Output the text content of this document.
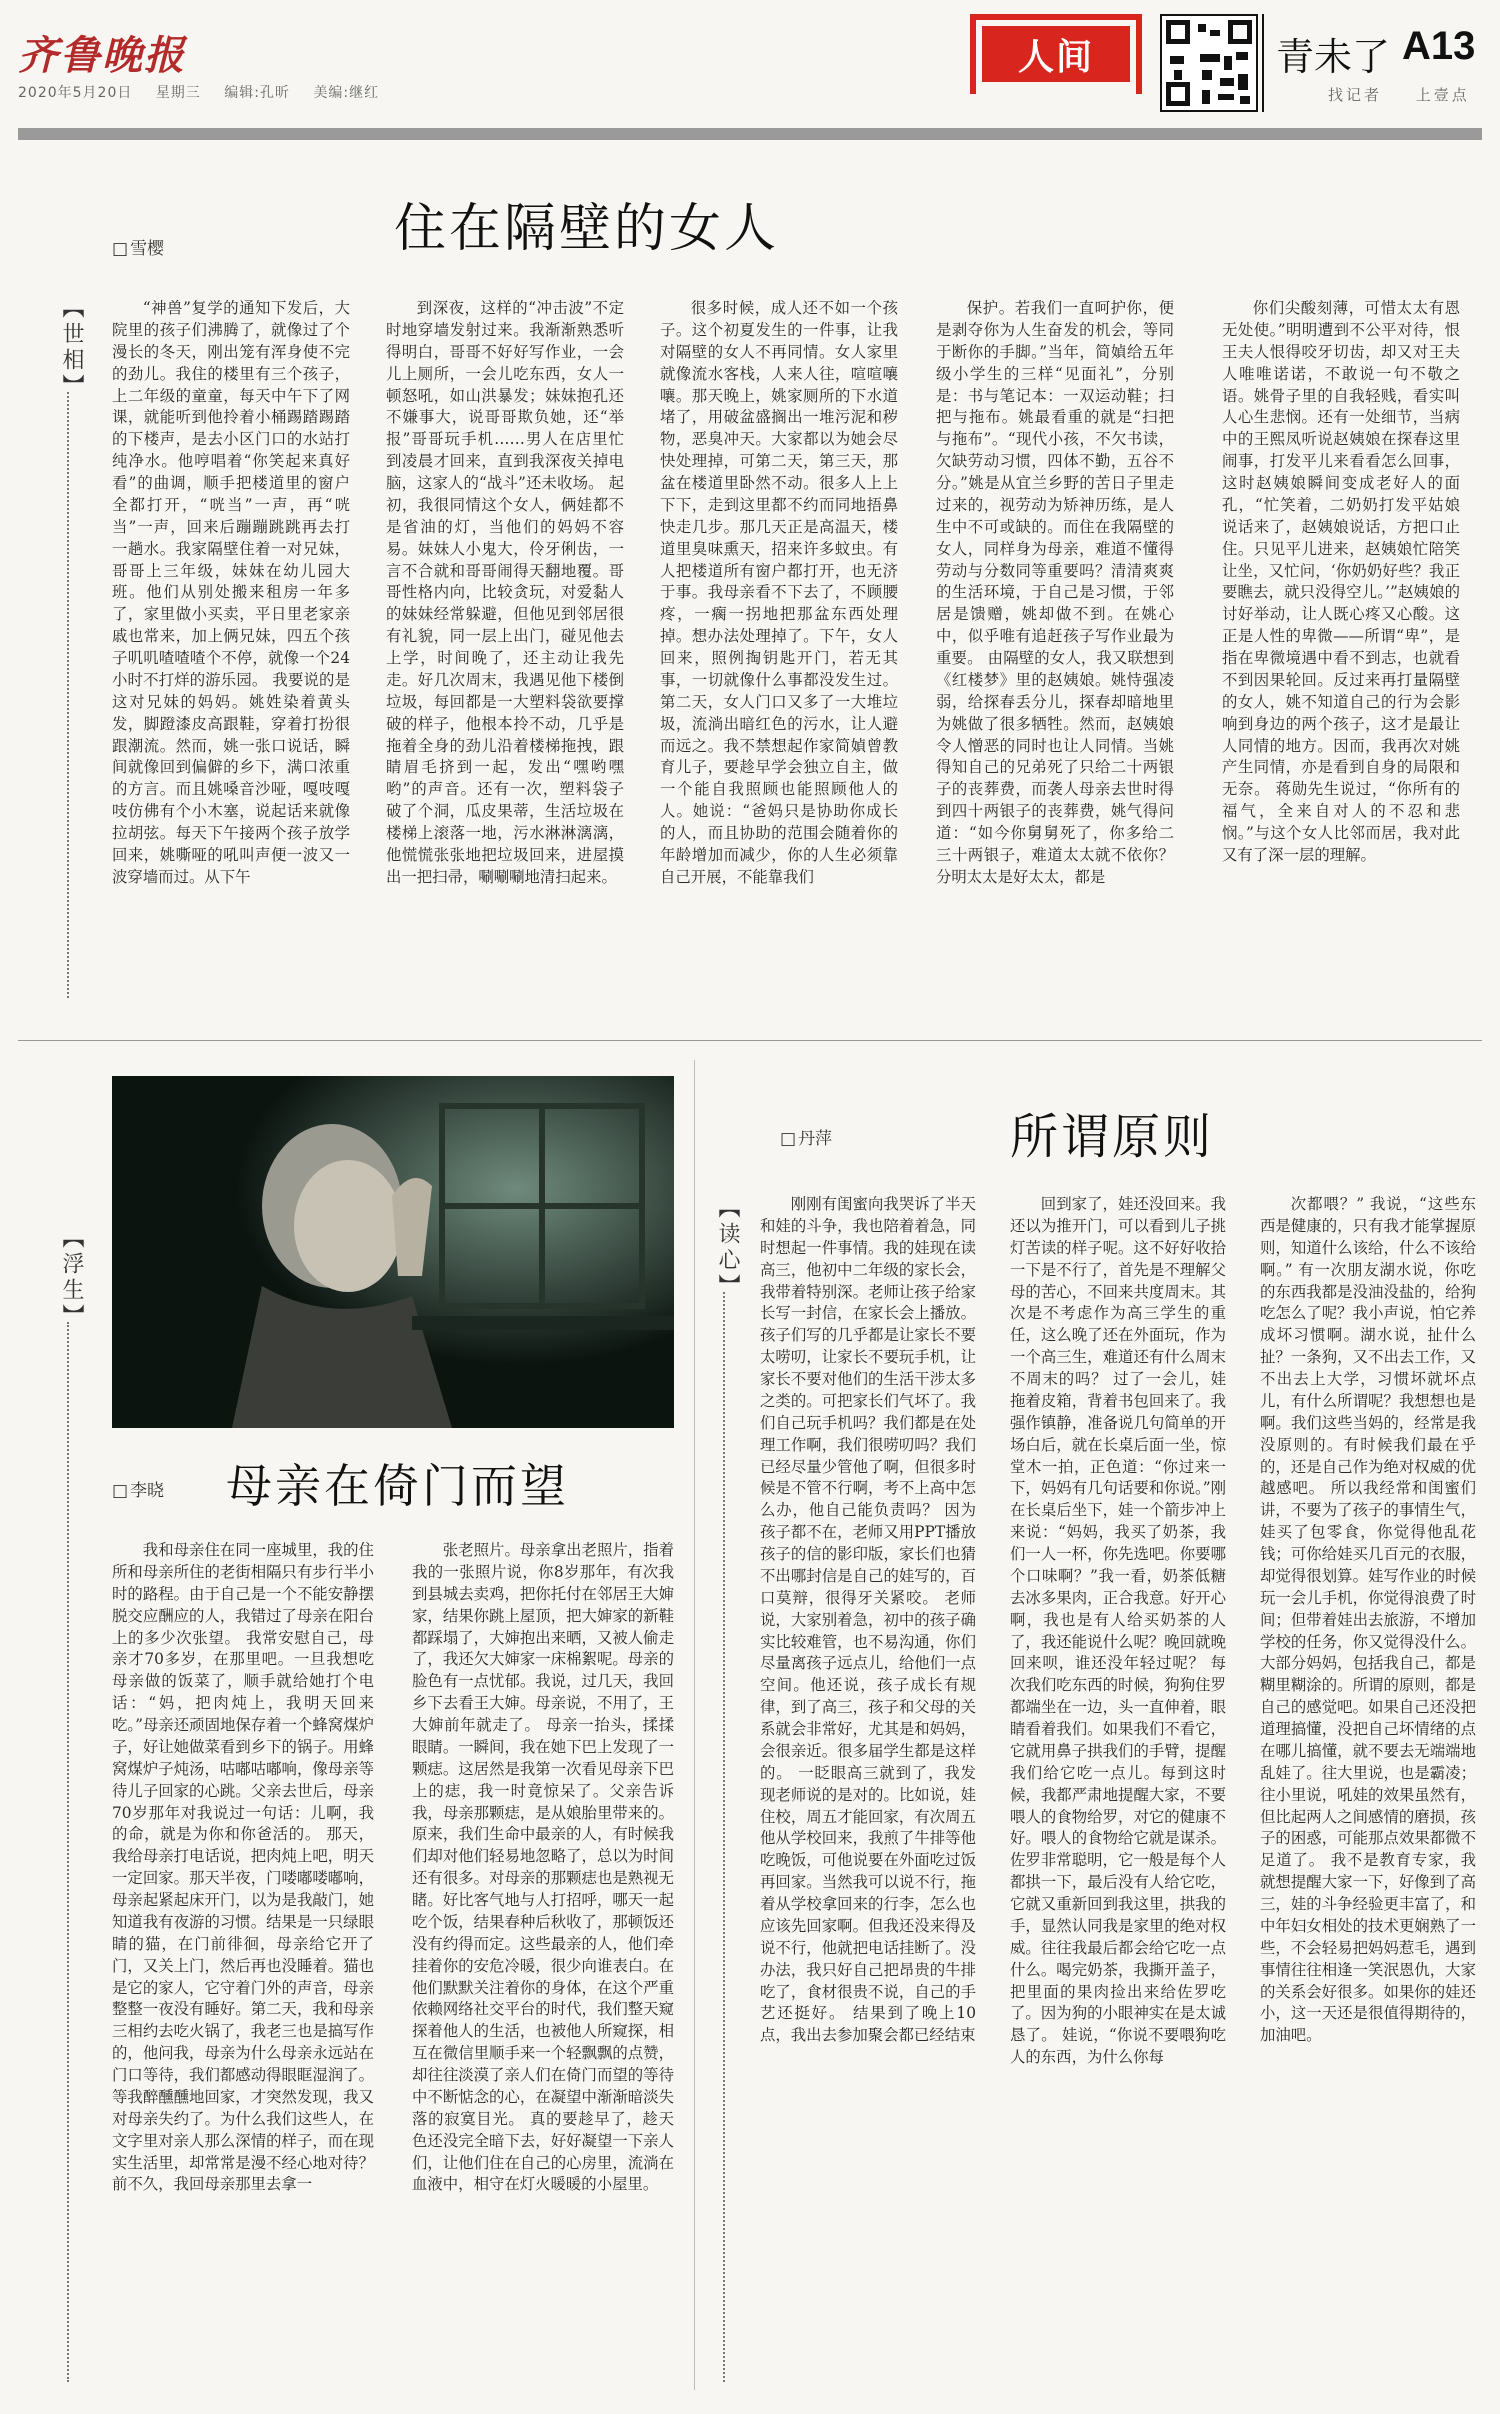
齐鲁晚报
2020年5月20日 星期三 编辑:孔昕 美编:继红
人间	青未了 A13
找记者 上壹点
住在隔壁的女人
□ 雪樱
【 世相 】

“神兽”复学的通知下发后，大院里的孩子们沸腾了，就像过了个漫长的冬天，刚出笼有浑身使不完的劲儿。我住的楼里有三个孩子，上二年级的童童，每天中午下了网课，就能听到他拎着小桶踢踏踢踏的下楼声，是去小区门口的水站打纯净水。他哼唱着“你笑起来真好看”的曲调，顺手把楼道里的窗户全都打开，“咣当”一声，再“咣当”一声，回来后蹦蹦跳跳再去打一趟水。我家隔壁住着一对兄妹，哥哥上三年级，妹妹在幼儿园大班。他们从别处搬来租房一年多了，家里做小买卖，平日里老家亲戚也常来，加上俩兄妹，四五个孩子叽叽喳喳喳个不停，就像一个24小时不打烊的游乐园。 我要说的是这对兄妹的妈妈。姚姓染着黄头发，脚蹬漆皮高跟鞋，穿着打扮很跟潮流。然而，姚一张口说话，瞬间就像回到偏僻的乡下，满口浓重的方言。而且姚嗓音沙哑，嘎吱嘎吱仿佛有个小木塞，说起话来就像拉胡弦。每天下午接两个孩子放学回来，姚嘶哑的吼叫声便一波又一波穿墙而过。从下午

到深夜，这样的“冲击波”不定时地穿墙发射过来。我渐渐熟悉听得明白，哥哥不好好写作业，一会儿上厕所，一会儿吃东西，女人一顿怒吼，如山洪暴发；妹妹抱孔还不嫌事大，说哥哥欺负她，还“举报”哥哥玩手机……男人在店里忙到凌晨才回来，直到我深夜关掉电脑，这家人的“战斗”还未收场。 起初，我很同情这个女人，俩娃都不是省油的灯，当他们的妈妈不容易。妹妹人小鬼大，伶牙俐齿，一言不合就和哥哥闹得天翻地覆。哥哥性格内向，比较贪玩，对爱黏人的妹妹经常躲避，但他见到邻居很有礼貌，同一层上出门，碰见他去上学，时间晚了，还主动让我先走。好几次周末，我遇见他下楼倒垃圾，每回都是一大塑料袋欲要撑破的样子，他根本拎不动，几乎是拖着全身的劲儿沿着楼梯拖拽，跟睛眉毛挤到一起，发出“嘿哟嘿哟”的声音。还有一次，塑料袋子破了个洞，瓜皮果蒂，生活垃圾在楼梯上滚落一地，污水淋淋漓漓，他慌慌张张地把垃圾回来，进屋摸出一把扫帚，唰唰唰地清扫起来。

很多时候，成人还不如一个孩子。这个初夏发生的一件事，让我对隔壁的女人不再同情。女人家里就像流水客栈，人来人往，喧喧嚷嚷。那天晚上，姚家厕所的下水道堵了，用破盆盛搁出一堆污泥和秽物，恶臭冲天。大家都以为她会尽快处理掉，可第二天，第三天，那盆在楼道里卧然不动。很多人上上下下，走到这里都不约而同地捂鼻快走几步。那几天正是高温天，楼道里臭味熏天，招来许多蚊虫。有人把楼道所有窗户都打开，也无济于事。我母亲看不下去了，不顾腰疼，一瘸一拐地把那盆东西处理掉。想办法处理掉了。下午，女人回来，照例掏钥匙开门，若无其事，一切就像什么事都没发生过。 第二天，女人门口又多了一大堆垃圾，流淌出暗红色的污水，让人避而远之。我不禁想起作家简媜曾教育儿子，要趁早学会独立自主，做一个能自我照顾也能照顾他人的人。她说：“爸妈只是协助你成长的人，而且协助的范围会随着你的年龄增加而减少，你的人生必须靠自己开展，不能靠我们

保护。若我们一直呵护你，便是剥夺你为人生奋发的机会，等同于断你的手脚。”当年，简媜给五年级小学生的三样“见面礼”，分别是：书与笔记本：一双运动鞋；扫把与拖布。姚最看重的就是“扫把与拖布”。“现代小孩，不欠书读，欠缺劳动习惯，四体不勤，五谷不分。”姚是从宜兰乡野的苦日子里走过来的，视劳动为矫神历练，是人生中不可或缺的。而住在我隔壁的女人，同样身为母亲，难道不懂得劳动与分数同等重要吗？清清爽爽的生活环境，于自己是习惯，于邻居是馈赠，姚却做不到。在姚心中，似乎唯有追赶孩子写作业最为重要。 由隔壁的女人，我又联想到《红楼梦》里的赵姨娘。姚恃强凌弱，给探春丢分儿，探春却暗地里为姚做了很多牺牲。然而，赵姨娘令人憎恶的同时也让人同情。当姚得知自己的兄弟死了只给二十两银子的丧葬费，而袭人母亲去世时得到四十两银子的丧葬费，姚气得问道：“如今你舅舅死了，你多给二三十两银子，难道太太就不依你？分明太太是好太太，都是

你们尖酸刻薄，可惜太太有恩无处使。”明明遭到不公平对待，恨王夫人恨得咬牙切齿，却又对王夫人唯唯诺诺，不敢说一句不敬之语。姚骨子里的自我轻贱，看实叫人心生悲悯。还有一处细节，当病中的王熙凤听说赵姨娘在探春这里闹事，打发平儿来看看怎么回事，这时赵姨娘瞬间变成老好人的面孔，“忙笑着，二奶奶打发平姑娘说话来了，赵姨娘说话，方把口止住。只见平儿进来，赵姨娘忙陪笑让坐，又忙问，‘你奶奶好些？我正要瞧去，就只没得空儿。’”赵姨娘的讨好举动，让人既心疼又心酸。这正是人性的卑微——所谓“卑”，是指在卑微境遇中看不到志，也就看不到因果轮回。反过来再打量隔壁的女人，姚不知道自己的行为会影响到身边的两个孩子，这才是最让人同情的地方。因而，我再次对姚产生同情，亦是看到自身的局限和无奈。 蒋勋先生说过，“你所有的福气，全来自对人的不忍和悲悯。”与这个女人比邻而居，我对此又有了深一层的理解。

【 浮生 】
母亲在倚门而望
□ 李晓

我和母亲住在同一座城里，我的住所和母亲所住的老街相隔只有步行半小时的路程。由于自己是一个不能安静摆脱交应酬应的人，我错过了母亲在阳台上的多少次张望。 我常安慰自己，母亲才70多岁，在那里吧。一旦我想吃母亲做的饭菜了，顺手就给她打个电话：“妈，把肉炖上，我明天回来吃。”母亲还顽固地保存着一个蜂窝煤炉子，好让她做菜看到乡下的锅子。用蜂窝煤炉子炖汤，咕嘟咕嘟响，像母亲等待儿子回家的心跳。父亲去世后，母亲70岁那年对我说过一句话：儿啊，我的命，就是为你和你爸活的。 那天，我给母亲打电话说，把肉炖上吧，明天一定回家。那天半夜，门喽嘟喽嘟响，母亲起紧起床开门，以为是我敲门，她知道我有夜游的习惯。结果是一只绿眼睛的猫，在门前徘徊，母亲给它开了门，又关上门，然后再也没睡着。猫也是它的家人，它守着门外的声音，母亲整整一夜没有睡好。第二天，我和母亲三相约去吃火锅了，我老三也是搞写作的，他问我，母亲为什么母亲永远站在门口等待，我们都感动得眼眶湿润了。 等我醉醺醺地回家，才突然发现，我又对母亲失约了。为什么我们这些人，在文字里对亲人那么深情的样子，而在现实生活里，却常常是漫不经心地对待？ 前不久，我回母亲那里去拿一

张老照片。母亲拿出老照片，指着我的一张照片说，你8岁那年，有次我到县城去卖鸡，把你托付在邻居王大婶家，结果你跳上屋顶，把大婶家的新鞋都踩塌了，大婶抱出来晒，又被人偷走了，我还欠大婶家一床棉絮呢。母亲的脸色有一点忧郁。我说，过几天，我回乡下去看王大婶。母亲说，不用了，王大婶前年就走了。 母亲一抬头，揉揉眼睛。一瞬间，我在她下巴上发现了一颗痣。这居然是我第一次看见母亲下巴上的痣，我一时竟惊呆了。父亲告诉我，母亲那颗痣，是从娘胎里带来的。原来，我们生命中最亲的人，有时候我们却对他们轻易地忽略了，总以为时间还有很多。对母亲的那颗痣也是熟视无睹。好比客气地与人打招呼，哪天一起吃个饭，结果春种后秋收了，那顿饭还没有约得而定。这些最亲的人，他们牵挂着你的安危冷暖，很少向谁表白。在他们默默关注着你的身体，在这个严重依赖网络社交平台的时代，我们整天窥探着他人的生活，也被他人所窥探，相互在微信里顺手来一个轻飘飘的点赞，却往往淡漠了亲人们在倚门而望的等待中不断惦念的心，在凝望中渐渐暗淡失落的寂寞目光。 真的要趁早了，趁天色还没完全暗下去，好好凝望一下亲人们，让他们住在自己的心房里，流淌在血液中，相守在灯火暖暖的小屋里。

所谓原则
□ 丹萍
【 读心 】

刚刚有闺蜜向我哭诉了半天和娃的斗争，我也陪着着急，同时想起一件事情。我的娃现在读高三，他初中二年级的家长会，我带着特别深。老师让孩子给家长写一封信，在家长会上播放。孩子们写的几乎都是让家长不要太唠叨，让家长不要玩手机，让家长不要对他们的生活干涉太多之类的。可把家长们气坏了。我们自己玩手机吗？我们都是在处理工作啊，我们很唠叨吗？我们已经尽量少管他了啊，但很多时候是不管不行啊，考不上高中怎么办，他自己能负责吗？ 因为孩子都不在，老师又用PPT播放孩子的信的影印版，家长们也猜不出哪封信是自己的娃写的，百口莫辩，很得牙关紧咬。 老师说，大家别着急，初中的孩子确实比较难管，也不易沟通，你们尽量离孩子远点儿，给他们一点空间。他还说，孩子成长有规律，到了高三，孩子和父母的关系就会非常好，尤其是和妈妈，会很亲近。很多届学生都是这样的。 一眨眼高三就到了，我发现老师说的是对的。比如说，娃住校，周五才能回家，有次周五他从学校回来，我煎了牛排等他吃晚饭，可他说要在外面吃过饭再回家。当然我可以说不行，拖着从学校拿回来的行李，怎么也应该先回家啊。但我还没来得及说不行，他就把电话挂断了。没办法，我只好自己把昂贵的牛排吃了，食材很贵不说，自己的手艺还挺好。 结果到了晚上10点，我出去参加聚会都已经结束

回到家了，娃还没回来。我还以为推开门，可以看到儿子挑灯苦读的样子呢。这不好好收拾一下是不行了，首先是不理解父母的苦心，不回来共度周末。其次是不考虑作为高三学生的重任，这么晚了还在外面玩，作为一个高三生，难道还有什么周末不周末的吗？ 过了一会儿，娃拖着皮箱，背着书包回来了。我强作镇静，准备说几句简单的开场白后，就在长桌后面一坐，惊堂木一拍，正色道：“你过来一下，妈妈有几句话要和你说。”刚在长桌后坐下，娃一个箭步冲上来说：“妈妈，我买了奶茶，我们一人一杯，你先选吧。你要哪个口味啊？”我一看，奶茶低糖去冰多果肉，正合我意。好开心啊，我也是有人给买奶茶的人了，我还能说什么呢？晚回就晚回来呗，谁还没年轻过呢？ 每次我们吃东西的时候，狗狗住罗都端坐在一边，头一直伸着，眼睛看着我们。如果我们不看它，它就用鼻子拱我们的手臂，提醒我们给它吃一点儿。每到这时候，我都严肃地提醒大家，不要喂人的食物给罗，对它的健康不好。喂人的食物给它就是谋杀。佐罗非常聪明，它一般是每个人都拱一下，最后没有人给它吃，它就又重新回到我这里，拱我的手，显然认同我是家里的绝对权威。往往我最后都会给它吃一点什么。喝完奶茶，我撕开盖子，把里面的果肉捡出来给佐罗吃了。因为狗的小眼神实在是太诚恳了。 娃说，“你说不要喂狗吃人的东西，为什么你每

次都喂？” 我说，“这些东西是健康的，只有我才能掌握原则，知道什么该给，什么不该给啊。” 有一次朋友湖水说，你吃的东西我都是没油没盐的，给狗吃怎么了呢？我小声说，怕它养成坏习惯啊。湖水说，扯什么扯？一条狗，又不出去工作，又不出去上大学，习惯坏就坏点儿，有什么所谓呢？我想想也是啊。我们这些当妈的，经常是我没原则的。有时候我们最在乎的，还是自己作为绝对权威的优越感吧。 所以我经常和闺蜜们讲，不要为了孩子的事情生气，娃买了包零食，你觉得他乱花钱；可你给娃买几百元的衣服，却觉得很划算。娃写作业的时候玩一会儿手机，你觉得浪费了时间；但带着娃出去旅游，不增加学校的任务，你又觉得没什么。 大部分妈妈，包括我自己，都是糊里糊涂的。所谓的原则，都是自己的感觉吧。如果自己还没把道理搞懂，没把自己坏情绪的点在哪儿搞懂，就不要去无端端地乱娃了。往大里说，也是霸凌；往小里说，吼娃的效果虽然有，但比起两人之间感情的磨损，孩子的困惑，可能那点效果都微不足道了。 我不是教育专家，我就想提醒大家一下，好像到了高三，娃的斗争经验更丰富了，和中年妇女相处的技术更娴熟了一些，不会轻易把妈妈惹毛，遇到事情往往相逢一笑泯恩仇，大家的关系会好很多。如果你的娃还小，这一天还是很值得期待的，加油吧。
